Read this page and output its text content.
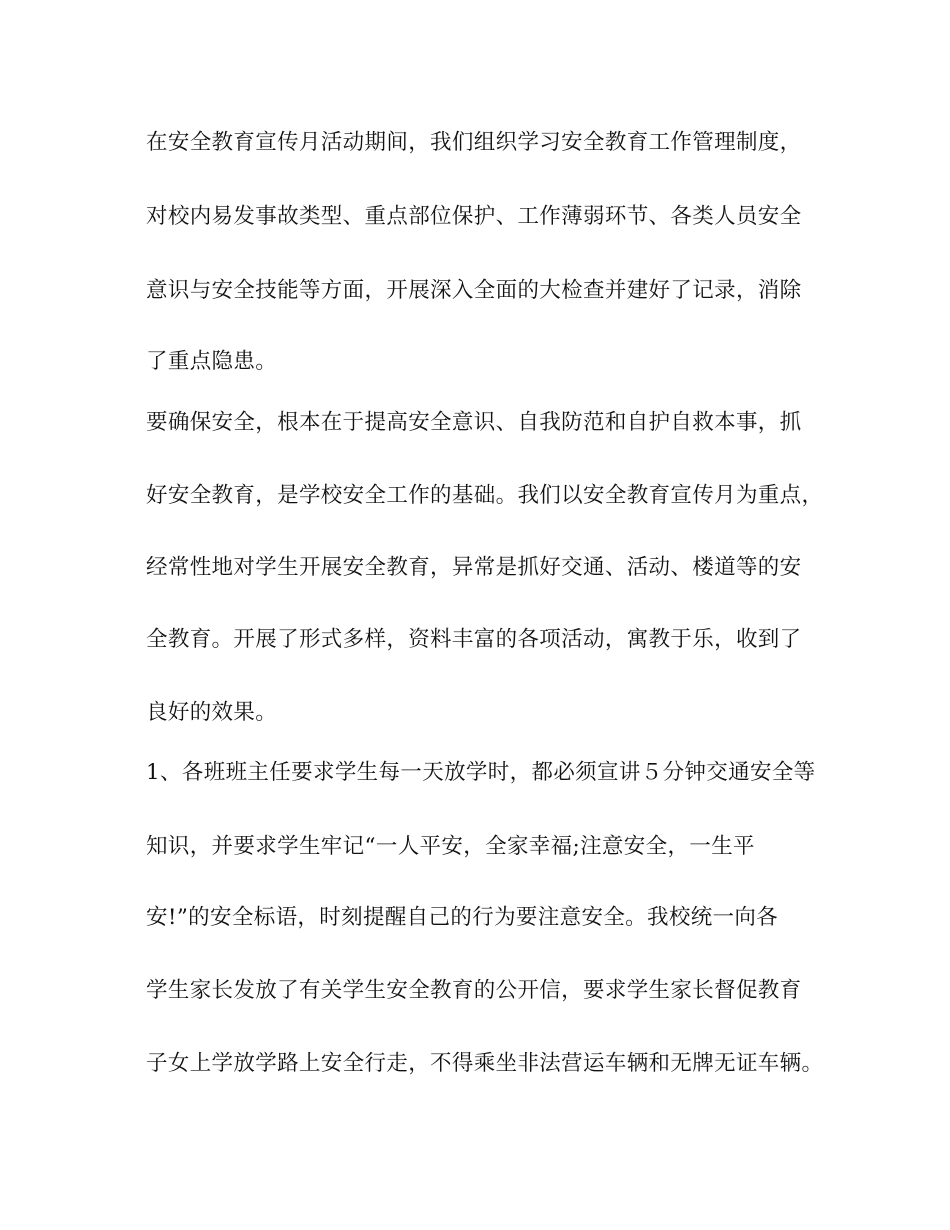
在安全教育宣传月活动期间，我们组织学习安全教育工作管理制度，

对校内易发事故类型、重点部位保护、工作薄弱环节、各类人员安全

意识与安全技能等方面，开展深入全面的大检查并建好了记录，消除

了重点隐患。

要确保安全，根本在于提高安全意识、自我防范和自护自救本事，抓

好安全教育，是学校安全工作的基础。我们以安全教育宣传月为重点，

经常性地对学生开展安全教育，异常是抓好交通、活动、楼道等的安

全教育。开展了形式多样，资料丰富的各项活动，寓教于乐，收到了

良好的效果。

1、各班班主任要求学生每一天放学时，都必须宣讲５分钟交通安全等

知识，并要求学生牢记“一人平安，全家幸福;注意安全，一生平

安!”的安全标语，时刻提醒自己的行为要注意安全。我校统一向各

学生家长发放了有关学生安全教育的公开信，要求学生家长督促教育

子女上学放学路上安全行走，不得乘坐非法营运车辆和无牌无证车辆。
